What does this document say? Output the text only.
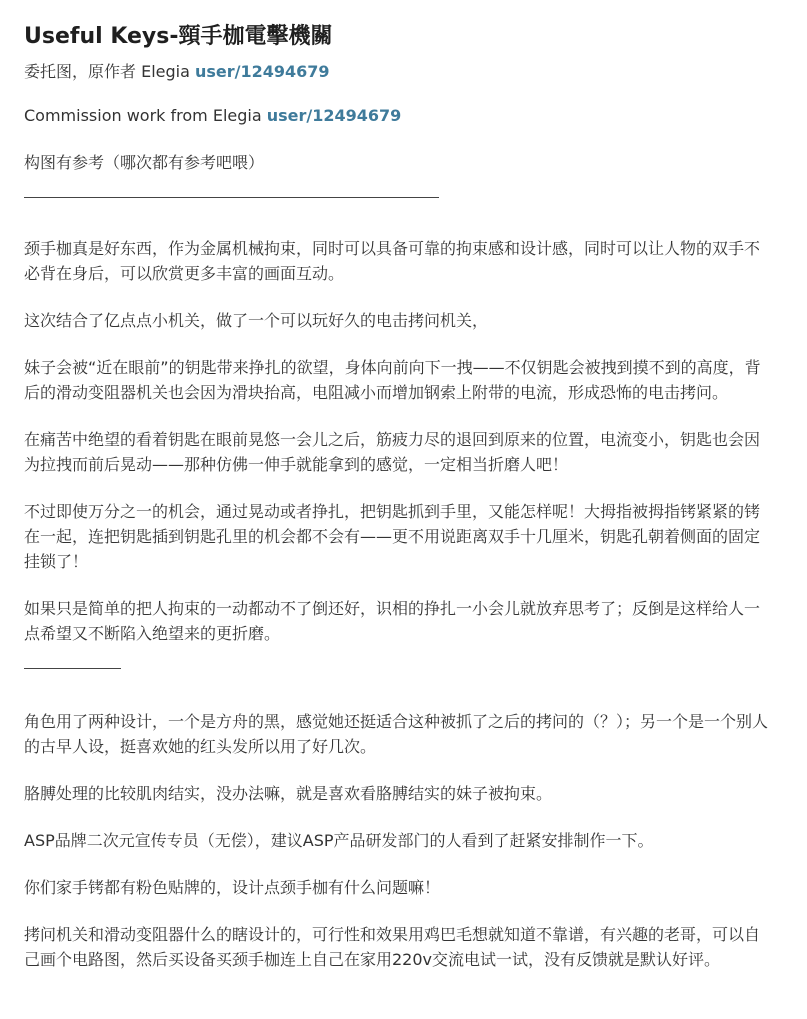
Useful Keys-頸手枷電擊機關

委托图，原作者 Elegia user/12494679

Commission work from Elegia user/12494679

构图有参考（哪次都有参考吧喂）

颈手枷真是好东西，作为金属机械拘束，同时可以具备可靠的拘束感和设计感，同时可以让人物的双手不必背在身后，可以欣赏更多丰富的画面互动。

这次结合了亿点点小机关，做了一个可以玩好久的电击拷问机关，

妹子会被“近在眼前”的钥匙带来挣扎的欲望，身体向前向下一拽——不仅钥匙会被拽到摸不到的高度，背后的滑动变阻器机关也会因为滑块抬高，电阻减小而增加钢索上附带的电流，形成恐怖的电击拷问。

在痛苦中绝望的看着钥匙在眼前晃悠一会儿之后，筋疲力尽的退回到原来的位置，电流变小，钥匙也会因为拉拽而前后晃动——那种仿佛一伸手就能拿到的感觉，一定相当折磨人吧！

不过即使万分之一的机会，通过晃动或者挣扎，把钥匙抓到手里，又能怎样呢！大拇指被拇指铐紧紧的铐在一起，连把钥匙插到钥匙孔里的机会都不会有——更不用说距离双手十几厘米，钥匙孔朝着侧面的固定挂锁了！

如果只是简单的把人拘束的一动都动不了倒还好，识相的挣扎一小会儿就放弃思考了；反倒是这样给人一点希望又不断陷入绝望来的更折磨。

角色用了两种设计，一个是方舟的黑，感觉她还挺适合这种被抓了之后的拷问的（？）；另一个是一个别人的古早人设，挺喜欢她的红头发所以用了好几次。

胳膊处理的比较肌肉结实，没办法嘛，就是喜欢看胳膊结实的妹子被拘束。

ASP品牌二次元宣传专员（无偿），建议ASP产品研发部门的人看到了赶紧安排制作一下。

你们家手铐都有粉色贴牌的，设计点颈手枷有什么问题嘛！

拷问机关和滑动变阻器什么的瞎设计的，可行性和效果用鸡巴毛想就知道不靠谱，有兴趣的老哥，可以自己画个电路图，然后买设备买颈手枷连上自己在家用220v交流电试一试，没有反馈就是默认好评。
